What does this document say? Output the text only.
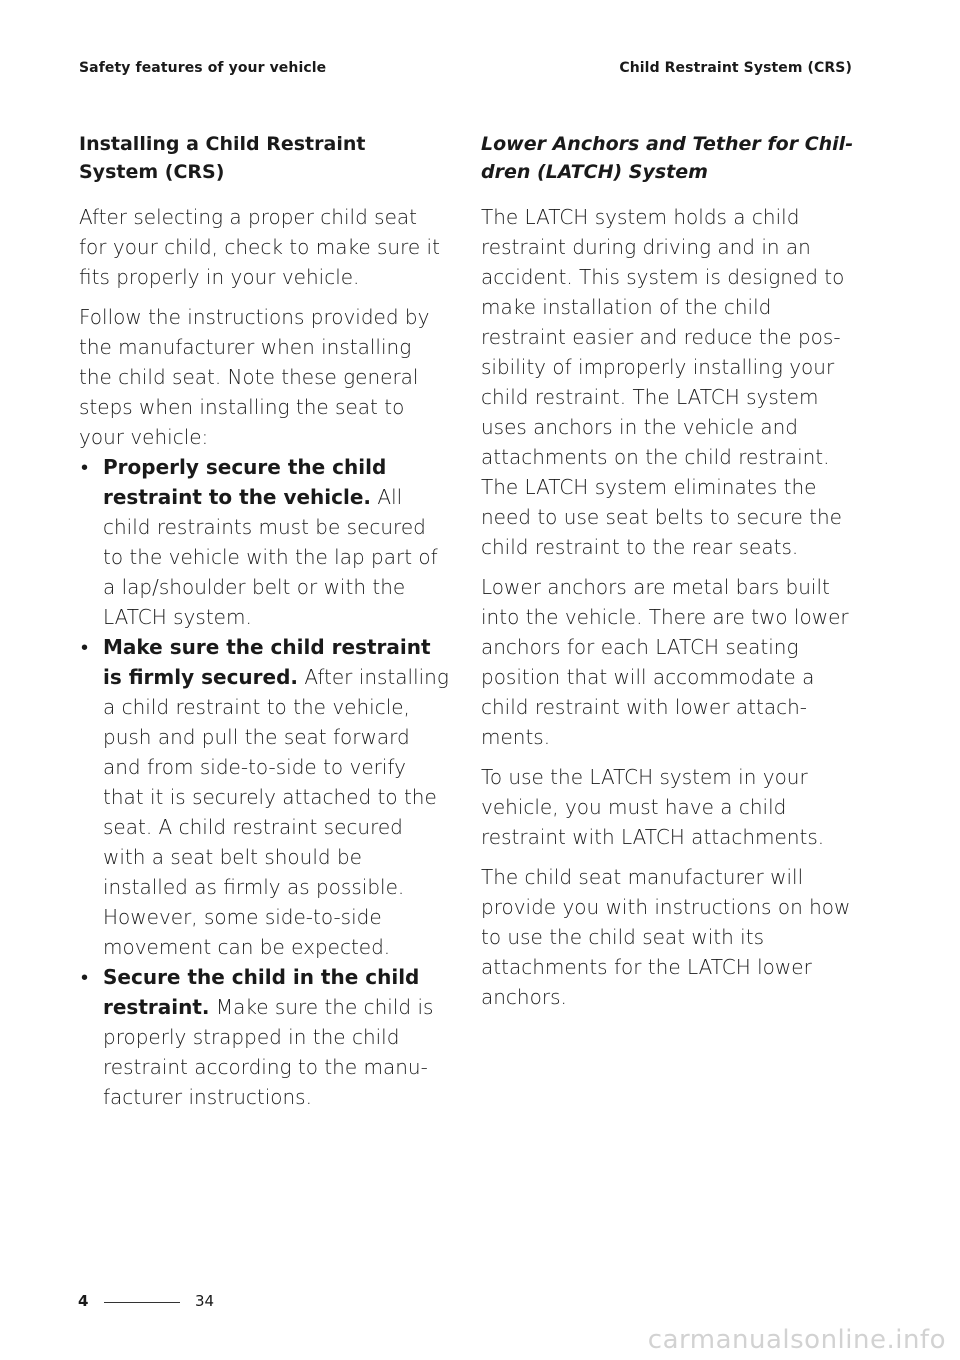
Safety features of your vehicle	Child Restraint System (CRS)
Installing a Child Restraint System (CRS)

After selecting a proper child seat for your child, check to make sure it fits properly in your vehicle.

Follow the instructions provided by the manufacturer when installing the child seat. Note these general steps when installing the seat to your vehicle:

• Properly secure the child restraint to the vehicle. All child restraints must be secured to the vehicle with the lap part of a lap/shoulder belt or with the LATCH system.
• Make sure the child restraint is firmly secured. After installing a child restraint to the vehicle, push and pull the seat forward and from side-to-side to verify that it is securely attached to the seat. A child restraint secured with a seat belt should be installed as firmly as possible. However, some side-to-side movement can be expected.
• Secure the child in the child restraint. Make sure the child is properly strapped in the child restraint according to the manu-facturer instructions.
Lower Anchors and Tether for Chil-dren (LATCH) System

The LATCH system holds a child restraint during driving and in an accident. This system is designed to make installation of the child restraint easier and reduce the pos-sibility of improperly installing your child restraint. The LATCH system uses anchors in the vehicle and attachments on the child restraint. The LATCH system eliminates the need to use seat belts to secure the child restraint to the rear seats.

Lower anchors are metal bars built into the vehicle. There are two lower anchors for each LATCH seating position that will accommodate a child restraint with lower attach-ments.

To use the LATCH system in your vehicle, you must have a child restraint with LATCH attachments.

The child seat manufacturer will provide you with instructions on how to use the child seat with its attachments for the LATCH lower anchors.

4	34
carmanualsonline.info
